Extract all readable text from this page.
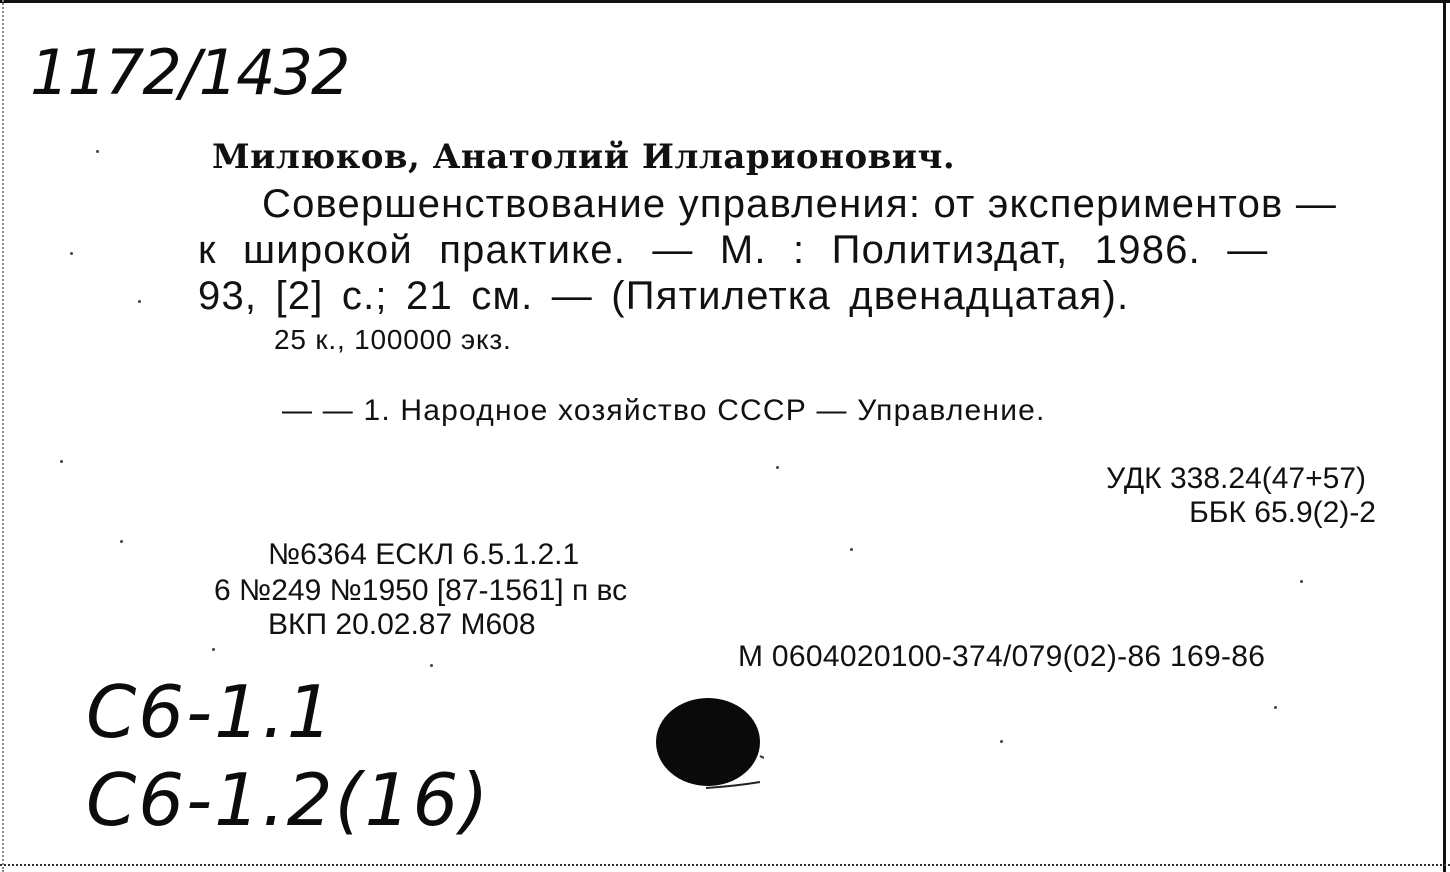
1172/1432
Милюков, Анатолий Илларионович.
Совершенствование управления: от экспериментов —
к широкой практике. — М. : Политиздат, 1986. —
93, [2] с.; 21 см. — (Пятилетка двенадцатая).
25 к., 100000 экз.
— — 1. Народное хозяйство СССР — Управление.
УДК 338.24(47+57)
ББК 65.9(2)-2
№6364 ЕСКЛ 6.5.1.2.1
6 №249 №1950 [87-1561] п вс
ВКП 20.02.87 М608
М 0604020100-374/079(02)-86 169-86
С6-1.1
С6-1.2(16)
